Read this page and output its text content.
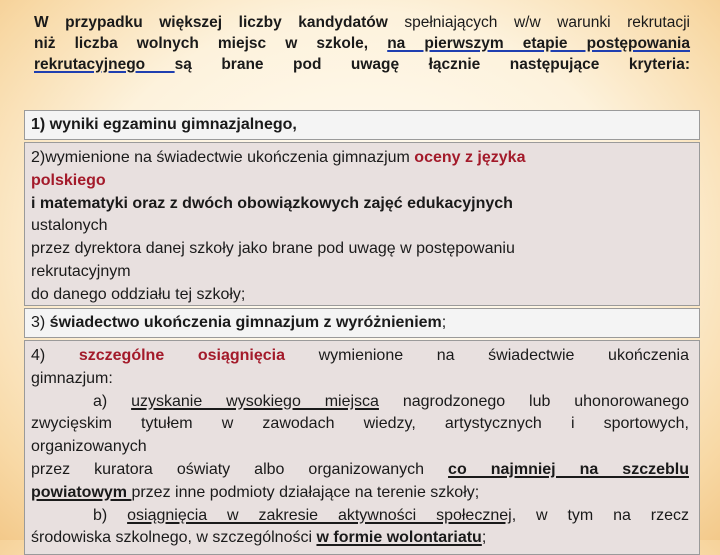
W przypadku większej liczby kandydatów spełniających w/w warunki rekrutacji
niż liczba wolnych miejsc w szkole, na pierwszym etapie postępowania
rekrutacyjnego są brane pod uwagę łącznie następujące kryteria:
1) wyniki egzaminu gimnazjalnego,
2)wymienione na świadectwie ukończenia gimnazjum oceny z języka
polskiego
i matematyki oraz z dwóch obowiązkowych zajęć edukacyjnych
ustalonych
przez dyrektora danej szkoły jako brane pod uwagę w postępowaniu
rekrutacyjnym
do danego oddziału tej szkoły;
3) świadectwo ukończenia gimnazjum z wyróżnieniem;
4) szczególne osiągnięcia wymienione na świadectwie ukończenia
gimnazjum:
a) uzyskanie wysokiego miejsca nagrodzonego lub uhonorowanego
zwycięskim tytułem w zawodach wiedzy, artystycznych i sportowych,
organizowanych
przez kuratora oświaty albo organizowanych co najmniej na szczeblu
powiatowym przez inne podmioty działające na terenie szkoły;
b) osiągnięcia w zakresie aktywności społecznej, w tym na rzecz
środowiska szkolnego, w szczególności w formie wolontariatu;
